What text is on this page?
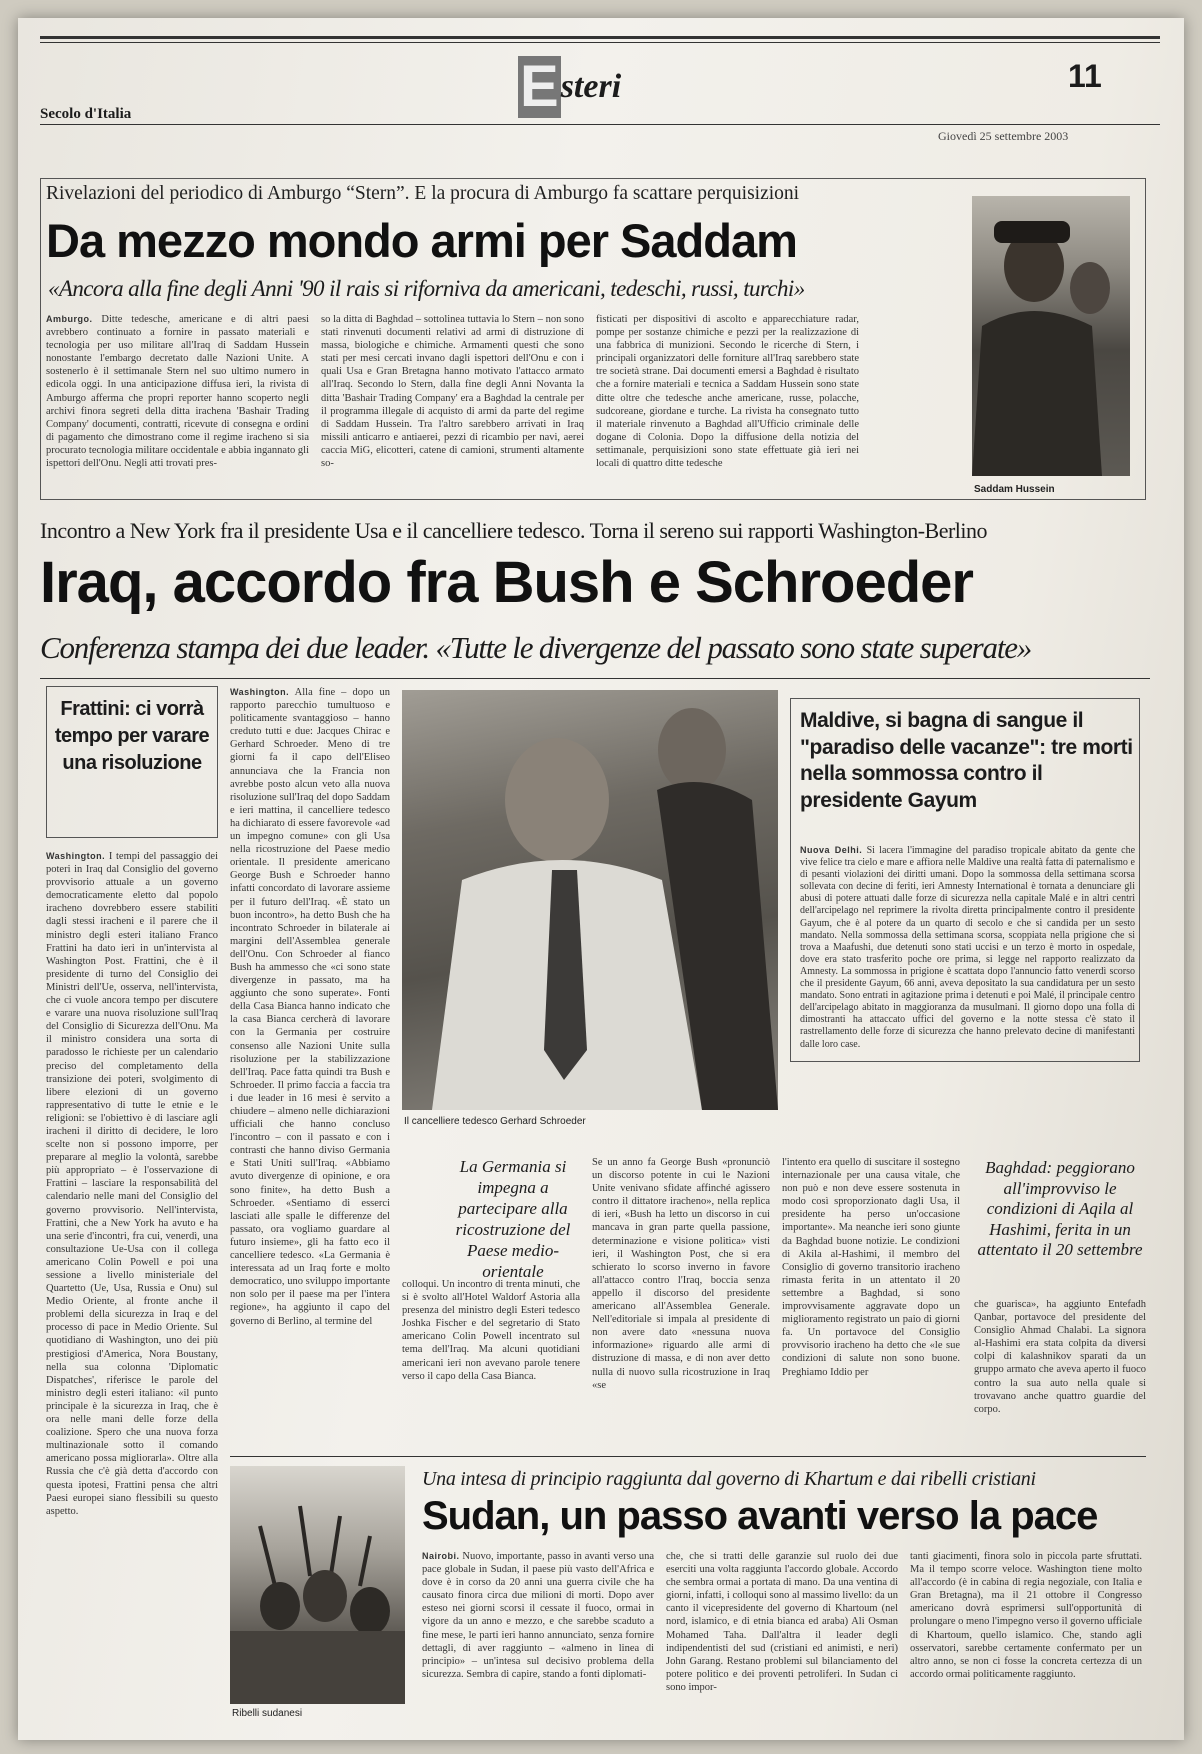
Secolo d'Italia	Esteri	11
Giovedì 25 settembre 2003
Rivelazioni del periodico di Amburgo “Stern”. E la procura di Amburgo fa scattare perquisizioni
Da mezzo mondo armi per Saddam
«Ancora alla fine degli Anni '90 il rais si riforniva da americani, tedeschi, russi, turchi»
Amburgo. Ditte tedesche, americane e di altri paesi avrebbero continuato a fornire in passato materiali e tecnologia per uso militare all'Iraq di Saddam Hussein nonostante l'embargo decretato dalle Nazioni Unite. A sostenerlo è il settimanale Stern nel suo ultimo numero in edicola oggi. In una anticipazione diffusa ieri, la rivista di Amburgo afferma che propri reporter hanno scoperto negli archivi finora segreti della ditta irachena 'Bashair Trading Company' documenti, contratti, ricevute di consegna e ordini di pagamento che dimostrano come il regime iracheno si sia procurato tecnologia militare occidentale e abbia ingannato gli ispettori dell'Onu. Negli atti trovati pres-
so la ditta di Baghdad – sottolinea tuttavia lo Stern – non sono stati rinvenuti documenti relativi ad armi di distruzione di massa, biologiche e chimiche. Armamenti questi che sono stati per mesi cercati invano dagli ispettori dell'Onu e con i quali Usa e Gran Bretagna hanno motivato l'attacco armato all'Iraq. Secondo lo Stern, dalla fine degli Anni Novanta la ditta 'Bashair Trading Company' era a Baghdad la centrale per il programma illegale di acquisto di armi da parte del regime di Saddam Hussein. Tra l'altro sarebbero arrivati in Iraq missili anticarro e antiaerei, pezzi di ricambio per navi, aerei caccia MiG, elicotteri, catene di camioni, strumenti altamente so-
fisticati per dispositivi di ascolto e apparecchiature radar, pompe per sostanze chimiche e pezzi per la realizzazione di una fabbrica di munizioni. Secondo le ricerche di Stern, i principali organizzatori delle forniture all'Iraq sarebbero state tre società strane. Dai documenti emersi a Baghdad è risultato che a fornire materiali e tecnica a Saddam Hussein sono state ditte oltre che tedesche anche americane, russe, polacche, sudcoreane, giordane e turche. La rivista ha consegnato tutto il materiale rinvenuto a Baghdad all'Ufficio criminale delle dogane di Colonia. Dopo la diffusione della notizia del settimanale, perquisizioni sono state effettuate già ieri nei locali di quattro ditte tedesche
Saddam Hussein
Incontro a New York fra il presidente Usa e il cancelliere tedesco. Torna il sereno sui rapporti Washington-Berlino
Iraq, accordo fra Bush e Schroeder
Conferenza stampa dei due leader. «Tutte le divergenze del passato sono state superate»
Frattini: ci vorrà tempo per varare una risoluzione
Washington. I tempi del passaggio dei poteri in Iraq dal Consiglio del governo provvisorio attuale a un governo democraticamente eletto dal popolo iracheno dovrebbero essere stabiliti dagli stessi iracheni e il parere che il ministro degli esteri italiano Franco Frattini ha dato ieri in un'intervista al Washington Post. Frattini, che è il presidente di turno del Consiglio dei Ministri dell'Ue, osserva, nell'intervista, che ci vuole ancora tempo per discutere e varare una nuova risoluzione sull'Iraq del Consiglio di Sicurezza dell'Onu. Ma il ministro considera una sorta di paradosso le richieste per un calendario preciso del completamento della transizione dei poteri, svolgimento di libere elezioni di un governo rappresentativo di tutte le etnie e le religioni: se l'obiettivo è di lasciare agli iracheni il diritto di decidere, le loro scelte non si possono imporre, per preparare al meglio la volontà, sarebbe più appropriato – è l'osservazione di Frattini – lasciare la responsabilità del calendario nelle mani del Consiglio del governo provvisorio. Nell'intervista, Frattini, che a New York ha avuto e ha una serie d'incontri, fra cui, venerdì, una consultazione Ue-Usa con il collega americano Colin Powell e poi una sessione a livello ministeriale del Quartetto (Ue, Usa, Russia e Onu) sul Medio Oriente, al fronte anche il problemi della sicurezza in Iraq e del processo di pace in Medio Oriente. Sul quotidiano di Washington, uno dei più prestigiosi d'America, Nora Boustany, nella sua colonna 'Diplomatic Dispatches', riferisce le parole del ministro degli esteri italiano: «il punto principale è la sicurezza in Iraq, che è ora nelle mani delle forze della coalizione. Spero che una nuova forza multinazionale sotto il comando americano possa migliorarla». Oltre alla Russia che c'è già detta d'accordo con questa ipotesi, Frattini pensa che altri Paesi europei siano flessibili su questo aspetto.
Washington. Alla fine – dopo un rapporto parecchio tumultuoso e politicamente svantaggioso – hanno creduto tutti e due: Jacques Chirac e Gerhard Schroeder. Meno di tre giorni fa il capo dell'Eliseo annunciava che la Francia non avrebbe posto alcun veto alla nuova risoluzione sull'Iraq del dopo Saddam e ieri mattina, il cancelliere tedesco ha dichiarato di essere favorevole «ad un impegno comune» con gli Usa nella ricostruzione del Paese medio orientale. Il presidente americano George Bush e Schroeder hanno infatti concordato di lavorare assieme per il futuro dell'Iraq. «È stato un buon incontro», ha detto Bush che ha incontrato Schroeder in bilaterale ai margini dell'Assemblea generale dell'Onu. Con Schroeder al fianco Bush ha ammesso che «ci sono state divergenze in passato, ma ha aggiunto che sono superate». Fonti della Casa Bianca hanno indicato che la casa Bianca cercherà di lavorare con la Germania per costruire consenso alle Nazioni Unite sulla risoluzione per la stabilizzazione dell'Iraq. Pace fatta quindi tra Bush e Schroeder. Il primo faccia a faccia tra i due leader in 16 mesi è servito a chiudere – almeno nelle dichiarazioni ufficiali che hanno concluso l'incontro – con il passato e con i contrasti che hanno diviso Germania e Stati Uniti sull'Iraq. «Abbiamo avuto divergenze di opinione, e ora sono finite», ha detto Bush a Schroeder. «Sentiamo di esserci lasciati alle spalle le differenze del passato, ora vogliamo guardare al futuro insieme», gli ha fatto eco il cancelliere tedesco. «La Germania è interessata ad un Iraq forte e molto democratico, uno sviluppo importante non solo per il paese ma per l'intera regione», ha aggiunto il capo del governo di Berlino, al termine del
Il cancelliere tedesco Gerhard Schroeder
Maldive, si bagna di sangue il "paradiso delle vacanze": tre morti nella sommossa contro il presidente Gayum
Nuova Delhi. Si lacera l'immagine del paradiso tropicale abitato da gente che vive felice tra cielo e mare e affiora nelle Maldive una realtà fatta di paternalismo e di pesanti violazioni dei diritti umani. Dopo la sommossa della settimana scorsa sollevata con decine di feriti, ieri Amnesty International è tornata a denunciare gli abusi di potere attuati dalle forze di sicurezza nella capitale Malé e in altri centri dell'arcipelago nel reprimere la rivolta diretta principalmente contro il presidente Gayum, che è al potere da un quarto di secolo e che si candida per un sesto mandato. Nella sommossa della settimana scorsa, scoppiata nella prigione che si trova a Maafushi, due detenuti sono stati uccisi e un terzo è morto in ospedale, dove era stato trasferito poche ore prima, si legge nel rapporto realizzato da Amnesty. La sommossa in prigione è scattata dopo l'annuncio fatto venerdì scorso che il presidente Gayum, 66 anni, aveva depositato la sua candidatura per un sesto mandato. Sono entrati in agitazione prima i detenuti e poi Malé, il principale centro dell'arcipelago abitato in maggioranza da musulmani. Il giorno dopo una folla di dimostranti ha attaccato uffici del governo e la notte stessa c'è stato il rastrellamento delle forze di sicurezza che hanno prelevato decine di manifestanti dalle loro case.
La Germania si impegna a partecipare alla ricostruzione del Paese medio-orientale
colloqui. Un incontro di trenta minuti, che si è svolto all'Hotel Waldorf Astoria alla presenza del ministro degli Esteri tedesco Joshka Fischer e del segretario di Stato americano Colin Powell incentrato sul tema dell'Iraq. Ma alcuni quotidiani americani ieri non avevano parole tenere verso il capo della Casa Bianca.
Se un anno fa George Bush «pronunciò un discorso potente in cui le Nazioni Unite venivano sfidate affinché agissero contro il dittatore iracheno», nella replica di ieri, «Bush ha letto un discorso in cui mancava in gran parte quella passione, determinazione e visione politica» visti ieri, il Washington Post, che si era schierato lo scorso inverno in favore all'attacco contro l'Iraq, boccia senza appello il discorso del presidente americano all'Assemblea Generale. Nell'editoriale si impala al presidente di non avere dato «nessuna nuova informazione» riguardo alle armi di distruzione di massa, e di non aver detto nulla di nuovo sulla ricostruzione in Iraq «se
l'intento era quello di suscitare il sostegno internazionale per una causa vitale, che non può e non deve essere sostenuta in modo così sproporzionato dagli Usa, il presidente ha perso un'occasione importante». Ma neanche ieri sono giunte da Baghdad buone notizie. Le condizioni di Akila al-Hashimi, il membro del Consiglio di governo transitorio iracheno rimasta ferita in un attentato il 20 settembre a Baghdad, si sono improvvisamente aggravate dopo un miglioramento registrato un paio di giorni fa. Un portavoce del Consiglio provvisorio iracheno ha detto che «le sue condizioni di salute non sono buone. Preghiamo Iddio per
Baghdad: peggiorano all'improvviso le condizioni di Aqila al Hashimi, ferita in un attentato il 20 settembre
che guarisca», ha aggiunto Entefadh Qanbar, portavoce del presidente del Consiglio Ahmad Chalabi. La signora al-Hashimi era stata colpita da diversi colpi di kalashnikov sparati da un gruppo armato che aveva aperto il fuoco contro la sua auto nella quale si trovavano anche quattro guardie del corpo.
Ribelli sudanesi
Una intesa di principio raggiunta dal governo di Khartum e dai ribelli cristiani
Sudan, un passo avanti verso la pace
Nairobi. Nuovo, importante, passo in avanti verso una pace globale in Sudan, il paese più vasto dell'Africa e dove è in corso da 20 anni una guerra civile che ha causato finora circa due milioni di morti. Dopo aver esteso nei giorni scorsi il cessate il fuoco, ormai in vigore da un anno e mezzo, e che sarebbe scaduto a fine mese, le parti ieri hanno annunciato, senza fornire dettagli, di aver raggiunto – «almeno in linea di principio» – un'intesa sul decisivo problema della sicurezza. Sembra di capire, stando a fonti diplomati-
che, che si tratti delle garanzie sul ruolo dei due eserciti una volta raggiunta l'accordo globale. Accordo che sembra ormai a portata di mano. Da una ventina di giorni, infatti, i colloqui sono al massimo livello: da un canto il vicepresidente del governo di Khartoum (nel nord, islamico, e di etnia bianca ed araba) Ali Osman Mohamed Taha. Dall'altra il leader degli indipendentisti del sud (cristiani ed animisti, e neri) John Garang. Restano problemi sul bilanciamento del potere politico e dei proventi petroliferi. In Sudan ci sono impor-
tanti giacimenti, finora solo in piccola parte sfruttati. Ma il tempo scorre veloce. Washington tiene molto all'accordo (è in cabina di regia negoziale, con Italia e Gran Bretagna), ma il 21 ottobre il Congresso americano dovrà esprimersi sull'opportunità di prolungare o meno l'impegno verso il governo ufficiale di Khartoum, quello islamico. Che, stando agli osservatori, sarebbe certamente confermato per un altro anno, se non ci fosse la concreta certezza di un accordo ormai politicamente raggiunto.
